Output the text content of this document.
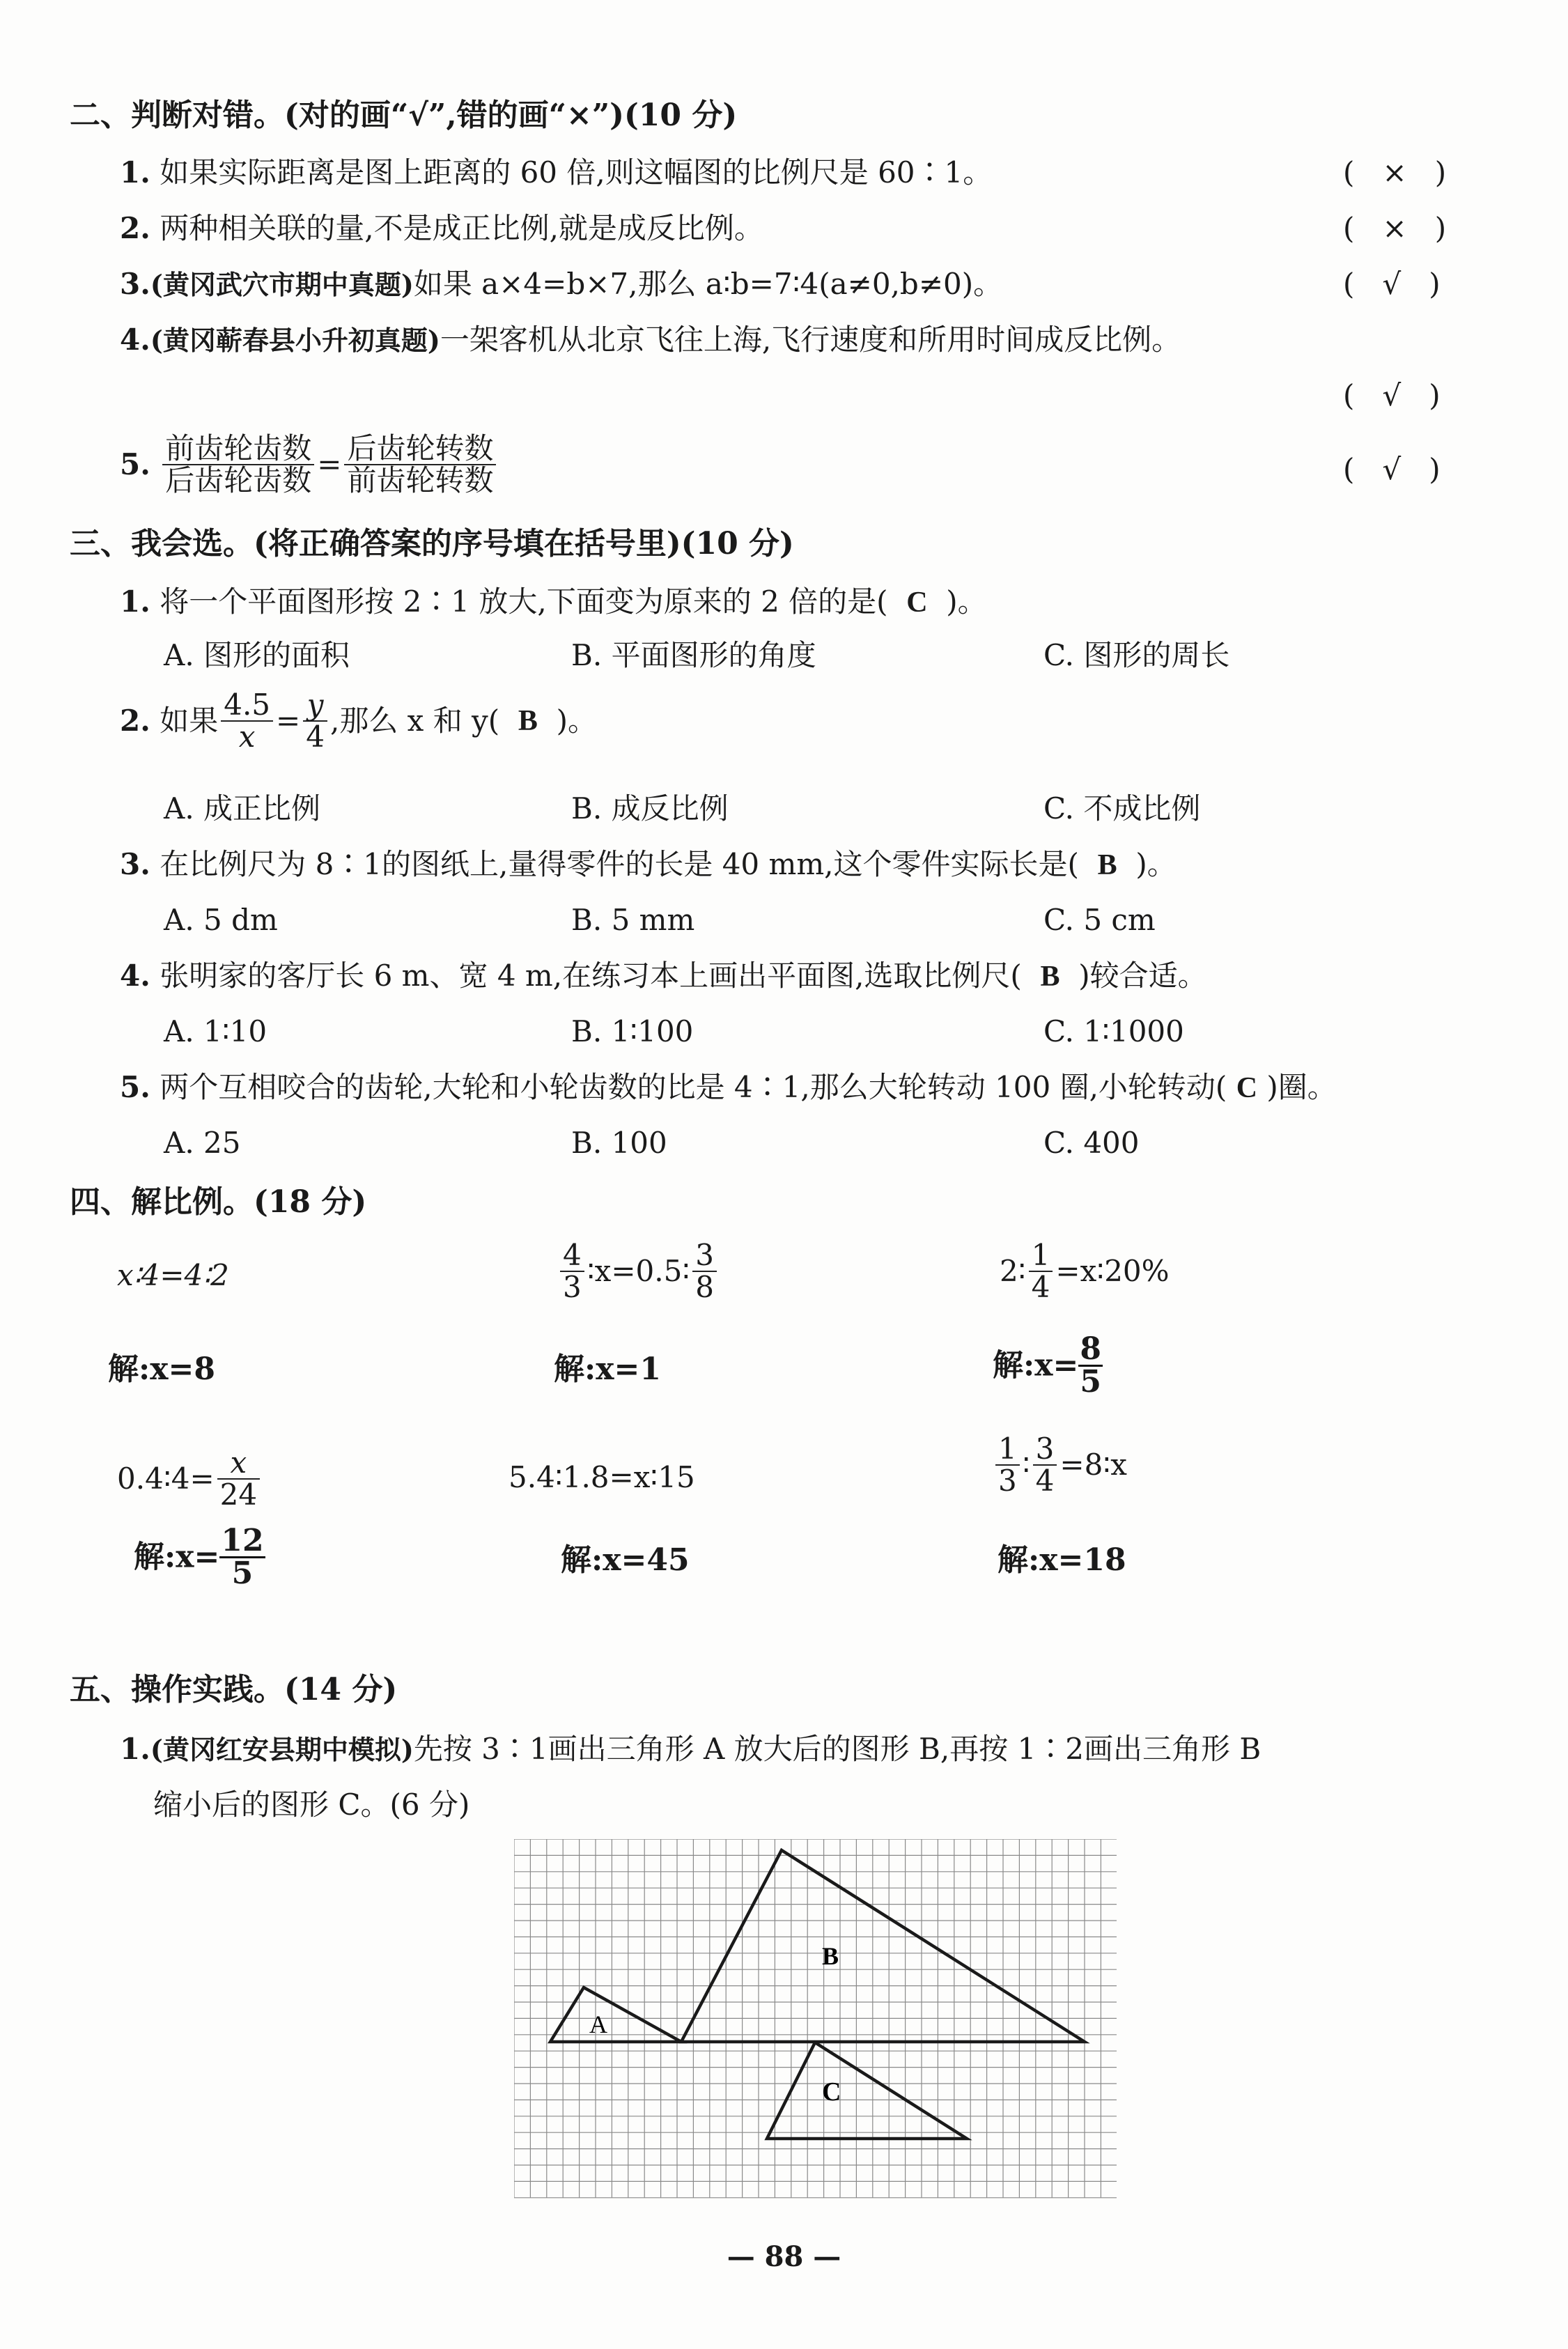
二、判断对错。(对的画“√”,错的画“×”)(10 分)
1. 如果实际距离是图上距离的 60 倍,则这幅图的比例尺是 60∶1。	(   ×   )
2. 两种相关联的量,不是成正比例,就是成反比例。	(   ×   )
3.(黄冈武穴市期中真题)如果 a×4=b×7,那么 a∶b=7∶4(a≠0,b≠0)。	(   √   )
4.(黄冈蕲春县小升初真题)一架客机从北京飞往上海,飞行速度和所用时间成反比例。
(   √   )
5. $\frac{\text{前齿轮齿数}}{\text{后齿轮齿数}} = \frac{\text{后齿轮转数}}{\text{前齿轮转数}}$	(   √   )
三、我会选。(将正确答案的序号填在括号里)(10 分)
1. 将一个平面图形按 2∶1 放大,下面变为原来的 2 倍的是( C )。
A. 图形的面积	B. 平面图形的角度	C. 图形的周长
2. 如果 $\frac{4.5}{x} = \frac{y}{4}$ ,那么 x 和 y( B )。
A. 成正比例	B. 成反比例	C. 不成比例
3. 在比例尺为 8∶1的图纸上,量得零件的长是 40 mm,这个零件实际长是( B )。
A. 5 dm	B. 5 mm	C. 5 cm
4. 张明家的客厅长 6 m、宽 4 m,在练习本上画出平面图,选取比例尺( B )较合适。
A. 1∶10	B. 1∶100	C. 1∶1000
5. 两个互相咬合的齿轮,大轮和小轮齿数的比是 4∶1,那么大轮转动 100 圈,小轮转动( C )圈。
A. 25	B. 100	C. 400
四、解比例。(18 分)
x∶4=4∶2	$\frac{4}{3}$ ∶x=0.5∶ $\frac{3}{8}$	2∶ $\frac{1}{4}$ =x∶20%
解:x=8	解:x=1	解:x= $\frac{8}{5}$
0.4∶4= $\frac{x}{24}$	5.4∶1.8=x∶15	$\frac{1}{3}$ ∶ $\frac{3}{4}$ =8∶x
解:x= $\frac{12}{5}$	解:x=45	解:x=18
五、操作实践。(14 分)
1.(黄冈红安县期中模拟)先按 3∶1画出三角形 A 放大后的图形 B,再按 1∶2画出三角形 B
缩小后的图形 C。(6 分)
A
B
C
— 88 —
